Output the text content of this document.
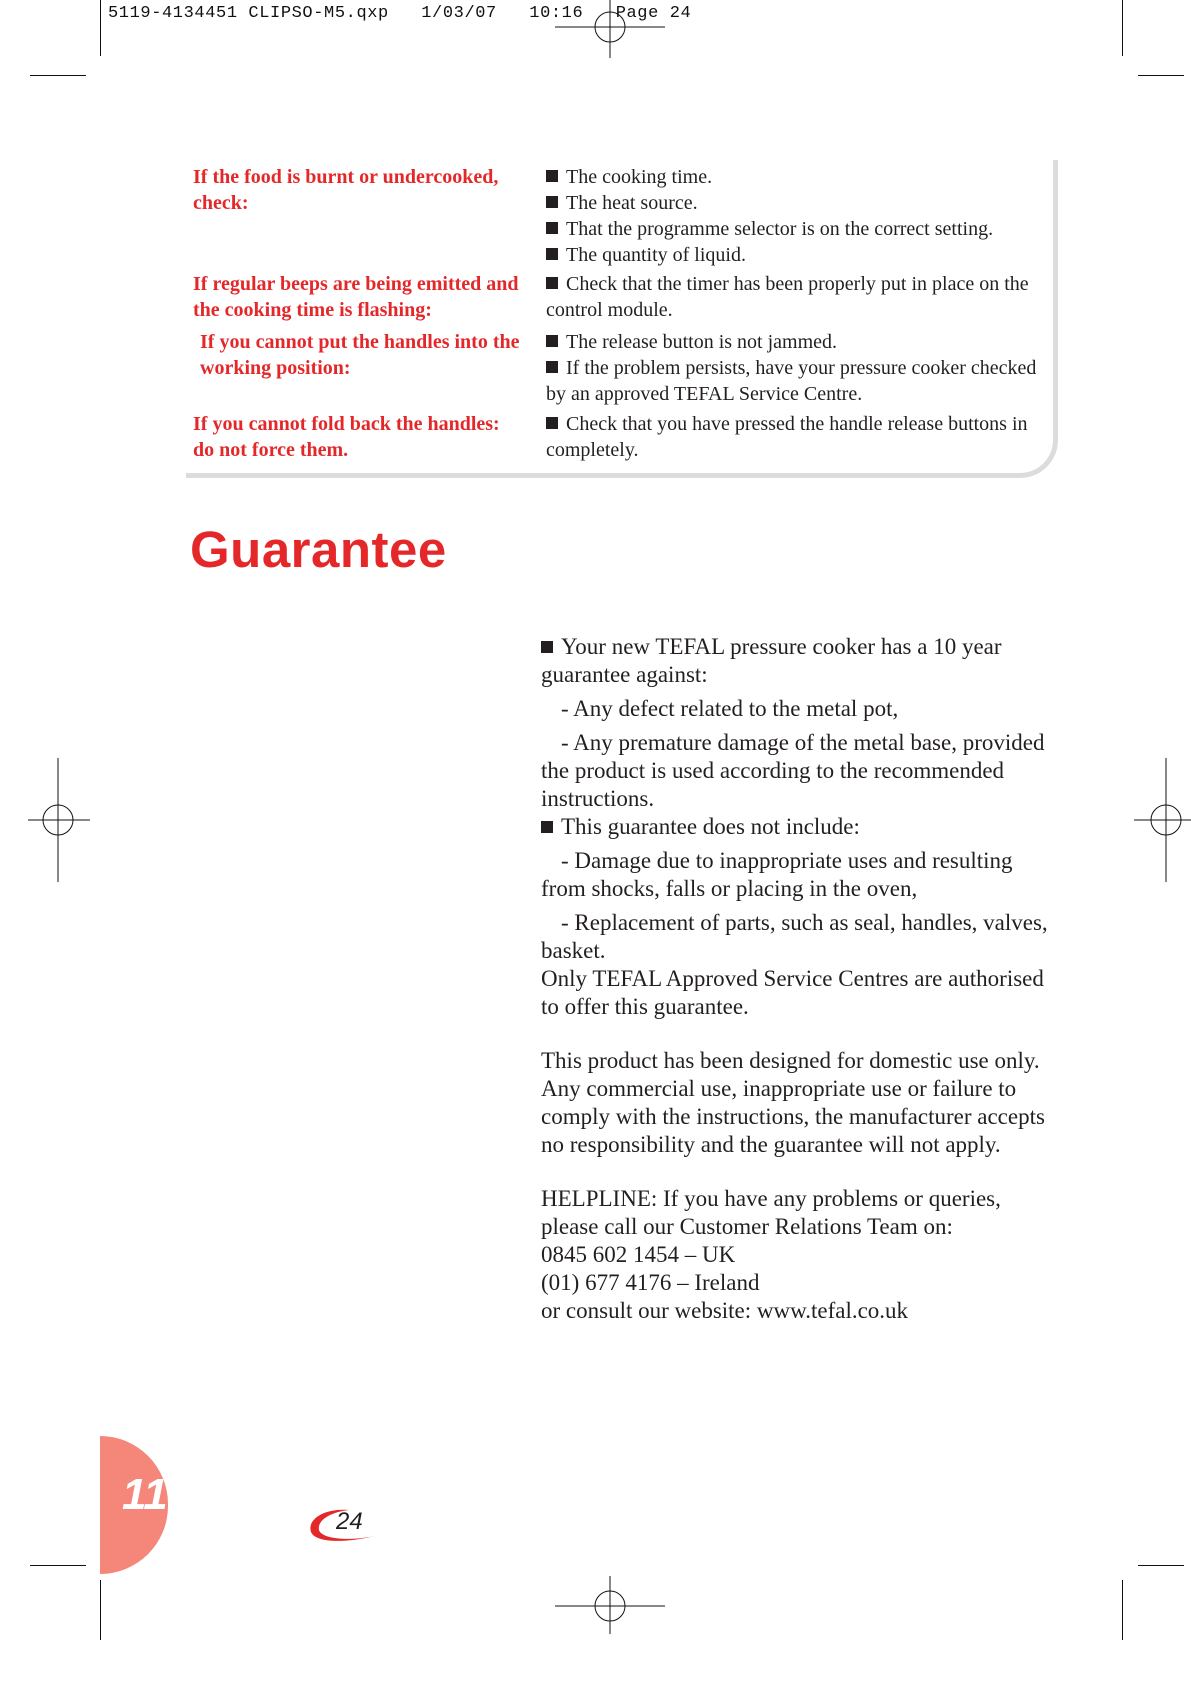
5119-4134451 CLIPSO-M5.qxp 1/03/07 10:16 Page 24
If the food is burnt or undercooked, check:

The cooking time.

The heat source.

That the programme selector is on the correct setting.

The quantity of liquid.

If regular beeps are being emitted and the cooking time is flashing:

Check that the timer has been properly put in place on the control module.

If you cannot put the handles into the working position:

The release button is not jammed.

If the problem persists, have your pressure cooker checked by an approved TEFAL Service Centre.

If you cannot fold back the handles: do not force them.

Check that you have pressed the handle release buttons in completely.

Guarantee

Your new TEFAL pressure cooker has a 10 year guarantee against:

- Any defect related to the metal pot,

- Any premature damage of the metal base, provided the product is used according to the recommended instructions.

This guarantee does not include:

- Damage due to inappropriate uses and resulting from shocks, falls or placing in the oven,

- Replacement of parts, such as seal, handles, valves, basket.

Only TEFAL Approved Service Centres are authorised to offer this guarantee.

This product has been designed for domestic use only. Any commercial use, inappropriate use or failure to comply with the instructions, the manufacturer accepts no responsibility and the guarantee will not apply.

HELPLINE: If you have any problems or queries, please call our Customer Relations Team on:

0845 602 1454 – UK

(01) 677 4176 – Ireland

or consult our website: www.tefal.co.uk

11
24
